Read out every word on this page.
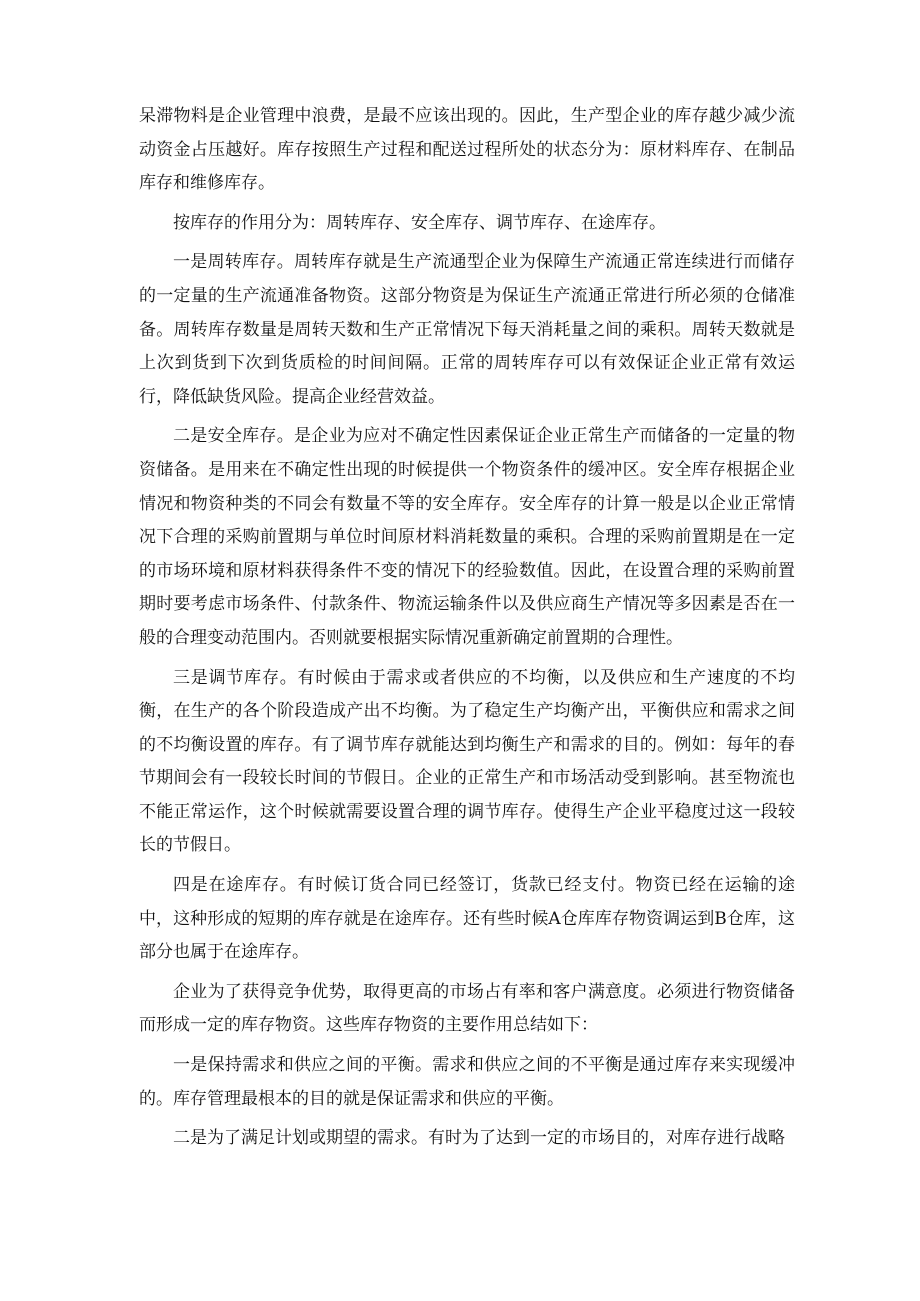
呆滞物料是企业管理中浪费，是最不应该出现的。因此，生产型企业的库存越少减少流动资金占压越好。库存按照生产过程和配送过程所处的状态分为：原材料库存、在制品库存和维修库存。

按库存的作用分为：周转库存、安全库存、调节库存、在途库存。

一是周转库存。周转库存就是生产流通型企业为保障生产流通正常连续进行而储存的一定量的生产流通准备物资。这部分物资是为保证生产流通正常进行所必须的仓储准备。周转库存数量是周转天数和生产正常情况下每天消耗量之间的乘积。周转天数就是上次到货到下次到货质检的时间间隔。正常的周转库存可以有效保证企业正常有效运行，降低缺货风险。提高企业经营效益。

二是安全库存。是企业为应对不确定性因素保证企业正常生产而储备的一定量的物资储备。是用来在不确定性出现的时候提供一个物资条件的缓冲区。安全库存根据企业情况和物资种类的不同会有数量不等的安全库存。安全库存的计算一般是以企业正常情况下合理的采购前置期与单位时间原材料消耗数量的乘积。合理的采购前置期是在一定的市场环境和原材料获得条件不变的情况下的经验数值。因此，在设置合理的采购前置期时要考虑市场条件、付款条件、物流运输条件以及供应商生产情况等多因素是否在一般的合理变动范围内。否则就要根据实际情况重新确定前置期的合理性。

三是调节库存。有时候由于需求或者供应的不均衡，以及供应和生产速度的不均衡，在生产的各个阶段造成产出不均衡。为了稳定生产均衡产出，平衡供应和需求之间的不均衡设置的库存。有了调节库存就能达到均衡生产和需求的目的。例如：每年的春节期间会有一段较长时间的节假日。企业的正常生产和市场活动受到影响。甚至物流也不能正常运作，这个时候就需要设置合理的调节库存。使得生产企业平稳度过这一段较长的节假日。

四是在途库存。有时候订货合同已经签订，货款已经支付。物资已经在运输的途中，这种形成的短期的库存就是在途库存。还有些时候A仓库库存物资调运到B仓库，这部分也属于在途库存。

企业为了获得竞争优势，取得更高的市场占有率和客户满意度。必须进行物资储备而形成一定的库存物资。这些库存物资的主要作用总结如下：

一是保持需求和供应之间的平衡。需求和供应之间的不平衡是通过库存来实现缓冲的。库存管理最根本的目的就是保证需求和供应的平衡。

二是为了满足计划或期望的需求。有时为了达到一定的市场目的，对库存进行战略
